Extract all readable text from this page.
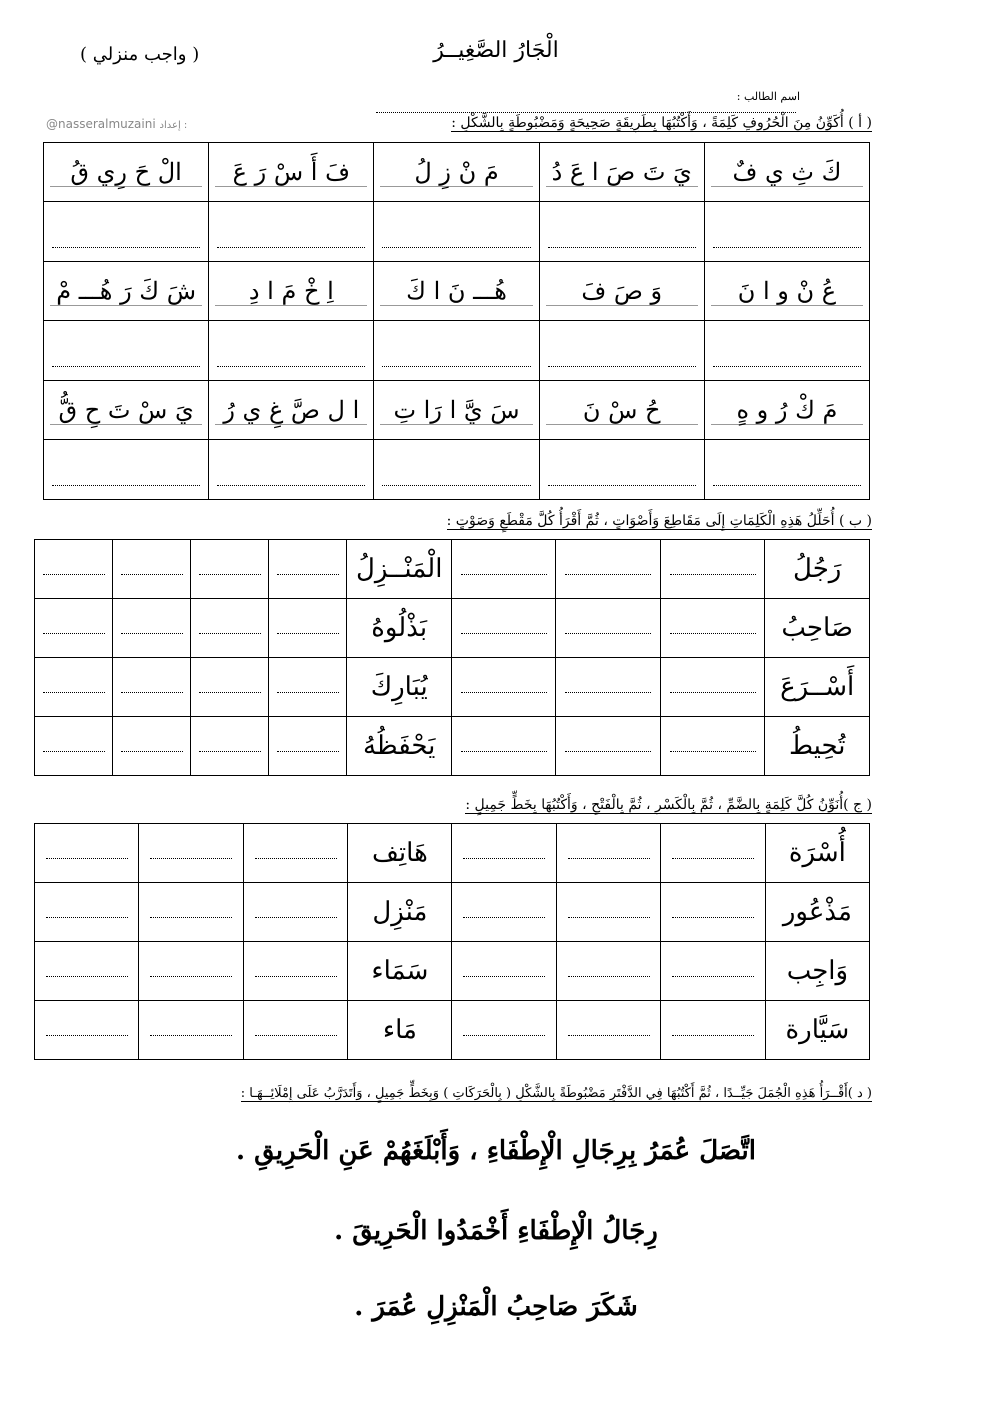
الْجَارُ الصَّغِيــرُ
( واجب منزلي )
اسم الطالب :
@nasseralmuzaini إعداد :	( أ ) أُكَوِّنُ مِنَ الْحُرُوفِ كَلِمَةً ، وَأَكْتُبُهَا بِطَرِيقَةٍ صَحِيحَةٍ وَمَضْبُوطَةٍ بِالشَّكْلِ :
الْ حَ رِي قُ	فَ أَ سْ رَ عَ	مَ نْ زِ لُ	يَ تَ صَ ا عَ دُ	كَ ثِ ي فٌ

شَ كَ رَ هُـــ مْ	اِ خْ مَ ا دِ	هُـــ نَ ا كَ	وَ صَ فَ	عُ نْ و ا نَ

يَ سْ تَ حِ قُّ	ا ل صَّ غِ ي رُ	سَ يَّ ا رَا تِ	حُ سْ نَ	مَ كْ رُ و هٍ

( ب ) أُحَلِّلُ هَذِهِ الْكَلِمَاتِ إِلَى مَقَاطِعَ وَأَصْوَاتٍ ، ثُمَّ أَقْرَأُ كُلَّ مَقْطَعٍ وَصَوْتٍ :
				الْمَنْــزِلُ				رَجُلُ
				بَذْلُوهُ				صَاحِبُ
				يُبَارِكَ				أَسْــرَعَ
				يَحْفَظُهُ				تُحِيطُ
( ج )أُنَوِّنُ كُلَّ كَلِمَةٍ بِالضَّمِّ ، ثُمَّ بِالْكَسْرِ ، ثُمَّ بِالْفَتْحِ ، وَأَكْتُبُهَا بِخَطٍّ جَمِيلٍ :
			هَاتِف				أُسْرَة
			مَنْزِل				مَذْعُور
			سَمَاء				وَاجِب
			مَاء				سَيَّارة
( د )أَقْــرَأُ هَذِهِ الْجُمَلَ جَيِّــدًا ، ثُمَّ أَكْتُبُهَا فِي الدَّفْتَرِ مَضْبُوطَةً بِالشَّكْلِ ( بِالْحَرَكَاتِ ) وَبِخَطٍّ جَمِيلٍ ، وَأَتَدَرَّبُ عَلَى إِمْلَائِــهَـا :
اتَّصَلَ عُمَرُ بِرِجَالِ الْإِطْفَاءِ ، وَأَبْلَغَهُمْ عَنِ الْحَرِيقِ .
رِجَالُ الْإِطْفَاءِ أَخْمَدُوا الْحَرِيقَ .
شَكَرَ صَاحِبُ الْمَنْزِلِ عُمَرَ .
